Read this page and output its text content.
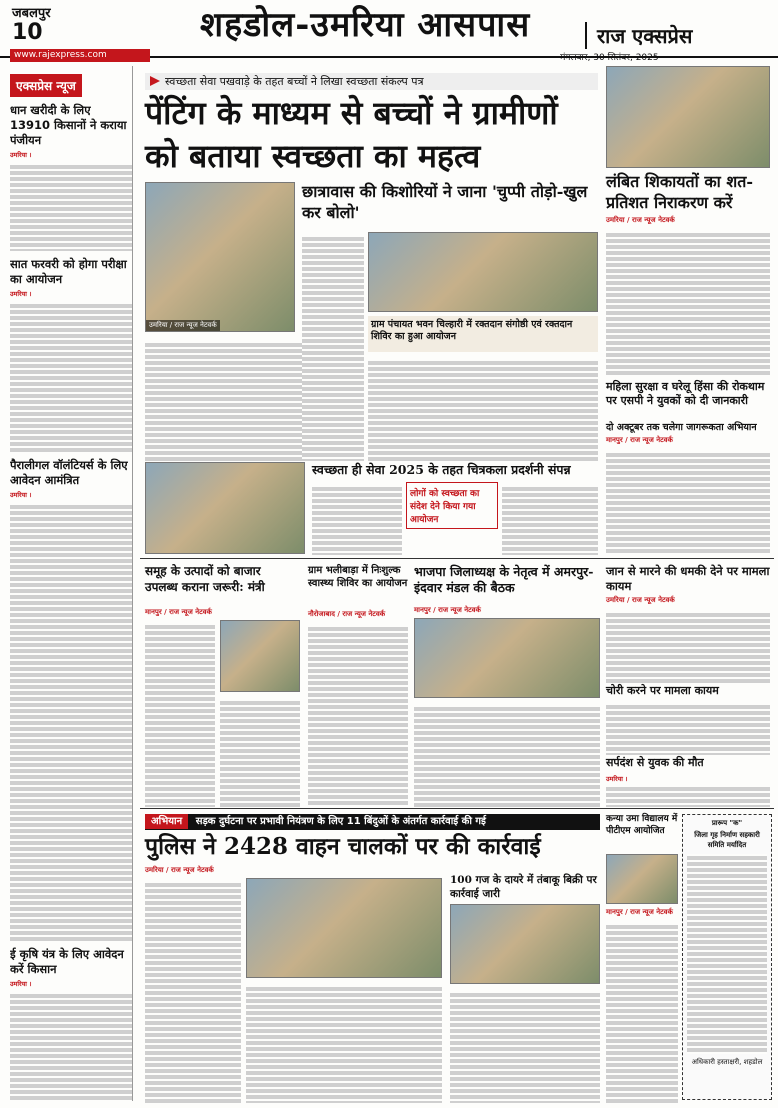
जबलपुर
10	शहडोल-उमरिया आसपास	राज एक्सप्रेस
मंगलवार, 30 सितंबर, 2025
www.rajexpress.com
एक्सप्रेस न्यूज
धान खरीदी के लिए 13910 किसानों ने कराया पंजीयन
उमरिया ।
सात फरवरी को होगा परीक्षा का आयोजन
उमरिया ।
पैरालीगल वॉलंटियर्स के लिए आवेदन आमंत्रित
उमरिया ।
ई कृषि यंत्र के लिए आवेदन करें किसान
उमरिया ।
स्वच्छता सेवा पखवाड़े के तहत बच्चों ने लिखा स्वच्छता संकल्प पत्र
पेंटिंग के माध्यम से बच्चों ने ग्रामीणों
को बताया स्वच्छता का महत्व
उमरिया / राज न्यूज नेटवर्क
छात्रावास की किशोरियों ने जाना 'चुप्पी तोड़ो-खुल कर बोलो'
ग्राम पंचायत भवन चिल्हारी में रक्तदान संगोष्ठी एवं रक्तदान शिविर का हुआ आयोजन
स्वच्छता ही सेवा 2025 के तहत चित्रकला प्रदर्शनी संपन्न
लोगों को स्वच्छता का संदेश देने किया गया आयोजन
लंबित शिकायतों का शत-प्रतिशत निराकरण करें
उमरिया / राज न्यूज नेटवर्क
महिला सुरक्षा व घरेलू हिंसा की रोकथाम पर एसपी ने युवकों को दी जानकारी
दो अक्टूबर तक चलेगा जागरूकता अभियान
मानपुर / राज न्यूज नेटवर्क
समूह के उत्पादों को बाजार उपलब्ध कराना जरूरी: मंत्री
मानपुर / राज न्यूज नेटवर्क
ग्राम भलीबाड़ा में निःशुल्क स्वास्थ्य शिविर का आयोजन
नौरोजाबाद / राज न्यूज नेटवर्क
भाजपा जिलाध्यक्ष के नेतृत्व में अमरपुर-इंदवार मंडल की बैठक
मानपुर / राज न्यूज नेटवर्क
जान से मारने की धमकी देने पर मामला कायम
उमरिया / राज न्यूज नेटवर्क
चोरी करने पर मामला कायम
सर्पदंश से युवक की मौत
उमरिया ।
अभियान सड़क दुर्घटना पर प्रभावी नियंत्रण के लिए 11 बिंदुओं के अंतर्गत कार्रवाई की गई
पुलिस ने 2428 वाहन चालकों पर की कार्रवाई
उमरिया / राज न्यूज नेटवर्क
100 गज के दायरे में तंबाकू बिक्री पर कार्रवाई जारी
कन्या उमा विद्यालय में पीटीएम आयोजित
मानपुर / राज न्यूज नेटवर्क
प्रारूप "क"
जिला गृह निर्माण सहकारी समिति मर्यादित
अधिकारी हस्ताक्षरी, शहडोल
